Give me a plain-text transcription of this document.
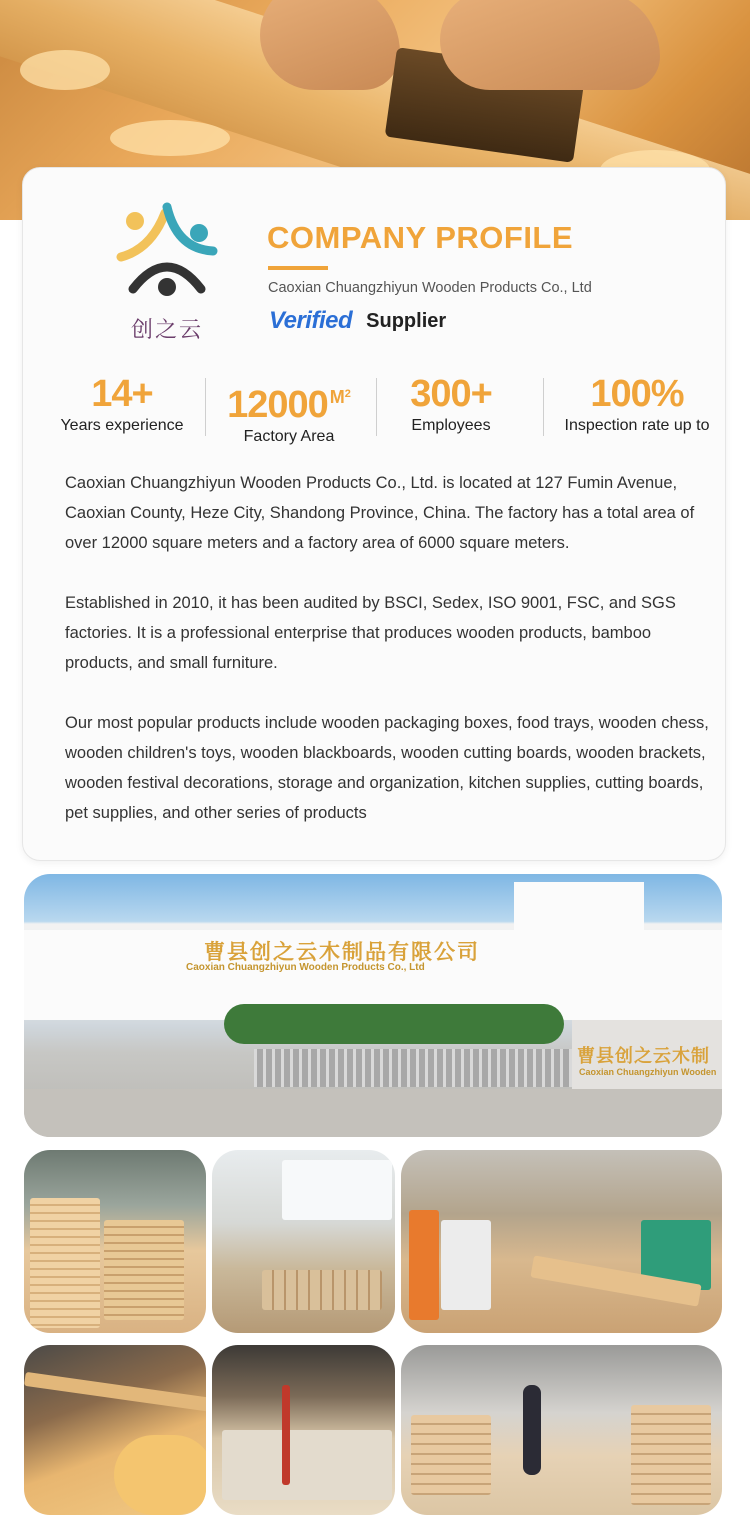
创之云
COMPANY PROFILE
Caoxian Chuangzhiyun Wooden Products Co., Ltd
Verified Supplier
14+
Years experience 12000 $^{M^2}$
Factory Area
300+
Employees
100%
Inspection rate up to

Caoxian Chuangzhiyun Wooden Products Co., Ltd. is located at 127 Fumin Avenue, Caoxian County, Heze City, Shandong Province, China. The factory has a total area of over 12000 square meters and a factory area of 6000 square meters.

Established in 2010, it has been audited by BSCI, Sedex, ISO 9001, FSC, and SGS factories. It is a professional enterprise that produces wooden products, bamboo products, and small furniture.

Our most popular products include wooden packaging boxes, food trays, wooden chess, wooden children's toys, wooden blackboards, wooden cutting boards, wooden brackets, wooden festival decorations, storage and organization, kitchen supplies, cutting boards, pet supplies, and other series of products

曹县创之云木制品有限公司
Caoxian Chuangzhiyun Wooden Products Co., Ltd
曹县创之云木制
Caoxian Chuangzhiyun Wooden
